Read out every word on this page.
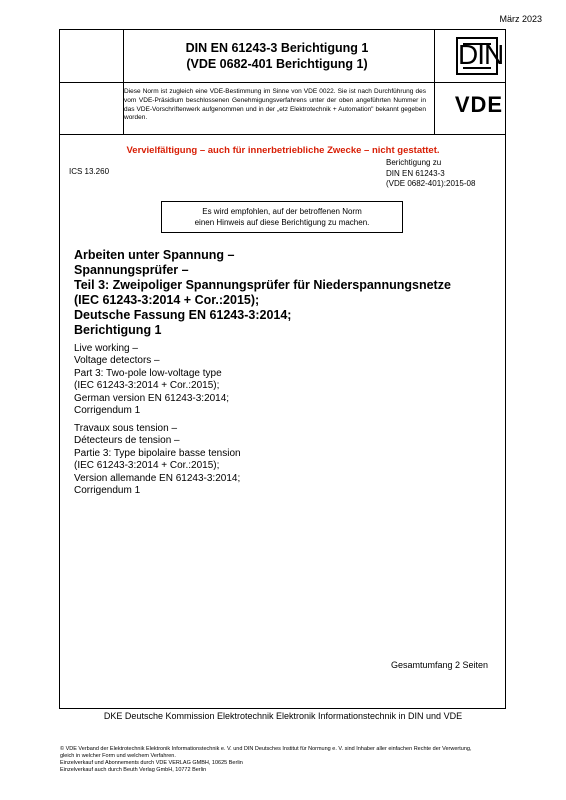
März 2023
DIN EN 61243-3 Berichtigung 1
(VDE 0682-401 Berichtigung 1)	DIN
Diese Norm ist zugleich eine VDE-Bestimmung im Sinne von VDE 0022. Sie ist nach Durchführung des vom VDE-Präsidium beschlossenen Genehmigungsverfahrens unter der oben angeführten Nummer in das VDE-Vorschriftenwerk aufgenommen und in der „etz Elektrotechnik + Automation" bekannt gegeben worden.
VDE
Vervielfältigung – auch für innerbetriebliche Zwecke – nicht gestattet.
ICS 13.260
Berichtigung zu
DIN EN 61243-3
(VDE 0682-401):2015-08
Es wird empfohlen, auf der betroffenen Norm
einen Hinweis auf diese Berichtigung zu machen.
Arbeiten unter Spannung –
Spannungsprüfer –
Teil 3: Zweipoliger Spannungsprüfer für Niederspannungsnetze
(IEC 61243-3:2014 + Cor.:2015);
Deutsche Fassung EN 61243-3:2014;
Berichtigung 1
Live working –
Voltage detectors –
Part 3: Two-pole low-voltage type
(IEC 61243-3:2014 + Cor.:2015);
German version EN 61243-3:2014;
Corrigendum 1
Travaux sous tension –
Détecteurs de tension –
Partie 3: Type bipolaire basse tension
(IEC 61243-3:2014 + Cor.:2015);
Version allemande EN 61243-3:2014;
Corrigendum 1
Gesamtumfang 2 Seiten
DKE Deutsche Kommission Elektrotechnik Elektronik Informationstechnik in DIN und VDE
© VDE Verband der Elektrotechnik Elektronik Informationstechnik e. V. und DIN Deutsches Institut für Normung e. V. sind Inhaber aller einfachen Rechte der Verwertung,
gleich in welcher Form und welchem Verfahren.
Einzelverkauf und Abonnements durch VDE VERLAG GMBH, 10625 Berlin
Einzelverkauf auch durch Beuth Verlag GmbH, 10772 Berlin
